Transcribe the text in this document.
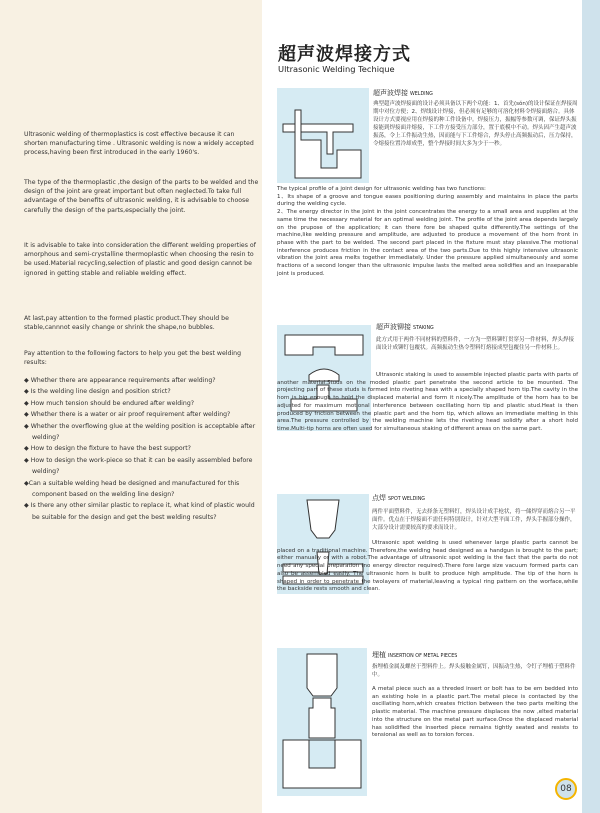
Ultrasonic welding of thermoplastics is cost effective because it can shorten manufacturing time . Ultrasonic welding is now a widely accepted process,having been first introduced in the early 1960's.

The type of the thermoplastic ,the design of the parts to be welded and the design of the joint are great important but often neglected.To take full advantage of the benefits of ultrasonic welding, it is advisable to choose carefully the design of the parts,especially the joint.

It is advisable to take into consideration the different welding properties of amorphous and semi-crystalline thermoplastic when choosing the resin to be used.Material recycling,selection of plastic and good design cannot be ignored in getting stable and reliable welding effect.

At last,pay attention to the formed plastic product.They should be stable,cannnot easily change or shrink the shape,no bubbles.

Pay attention to the following factors to help you get the best welding results:

◆ Whether there are appearance requirements after welding?
◆ Is the welding line design and position strict?
◆ How much tension should be endured after welding?
◆ Whether there is a water or air proof requirement after welding?
◆ Whether the overflowing glue at the welding position is acceptable after welding?
◆ How to design the fixture to have the best support?
◆ How to design the work-piece so that it can be easily assembled before welding?
◆Can a suitable welding head be designed and manufactured for this component based on the welding line design?
◆ Is there any other similar plastic to replace it, what kind of plastic would be suitable for the design and get the best welding results?
超声波焊接方式
Ultrasonic Welding Techique
超声波焊接 WELDING
典型超声波焊接面的设计必须具备以下两个功能：1、首先(sǒn)的设计保证在焊接周期中对位方便；2、焊线设计焊接，但必须有足够的可溶化材料令焊接面熔合。具体设计方式要视应用在焊接的种工件设备中。焊接压力，振幅等参数可调，保证焊头振接能到焊接面并熔接，下工件方接受压力部分，置于底模中不动。焊头因产生超声波振荡，令上工件振动生热，因而能与下工件熔合，焊头停止高频振动后，压力保持，令熔接位置冷却成型，整个焊接时间大多为少于一秒。

The typical profile of a joint design for ultrasonic welding has two functions:

1、Its shape of a groove and tongue eases positioning during assembly and maintains in place the parts during the welding cycle.

2、The energy director in the joint in the joint concentrates the energy to a small area and supplies at the same time the necessary material for an optimal welding joint. The profile of the joint area depends largely on the prupose of the application; it can there fore be shaped quite differently.The settings of the machine,like welding pressure and amplitude, are adjusted to produce a movement of the horn front in phase with the part to be welded. The second part placed in the fixture must stay plassive.The motional interference produces friction in the contact area of the two parts.Due to this highly intensive ultrasonic vibration the joint area melts together immediately. Under the pressure applied simultaneously and some fractions of a second longer than the ultrasonic impulse lasts the melted area solidifies and an inseparable joint is produced.

超声波铆接 STAKING
此方式用于两件不同材料的塑料件，一方为一塑料铆钉贯穿另一件材料，焊头焊接面设计成铆钉包覆状。高频振动生热令塑料钉熔接成型包覆住另一件材料上。

Ultrasonic staking is used to assemble injected plastic parts with parts of another material.Studs on the moded plastic part penetrate the second article to be mounted. The projecting part of these studs is formed into riveting heas with a specially shaped horn tip.The cavity in the horn is big enough to hold the displaced material and form it nicely.The amplitude of the horn has to be adjusted for maximum motional interference between oscillating horn tip and plastic stud.Heat is then produced by friction between the plastic part and the horn tip, which allows an immediate melting in this area.The pressure controlled by the welding machine lets the riveting head solidify after a short hold time.Multi-tip horns are often used for simultaneous staking of different areas on the same part.

点焊 SPOT WELDING
两件平面塑料件，无去择条无塑料钉，焊头设计成手枪状，将一储焊穿而熔合另一平面件。优点在于焊接面不需任何特别设计，针对大型平面工件，焊头手握部分操作，大部分设计需要较高的要求而设计。

Ultrasonic spot welding is used whenever large plastic parts cannot be placed on a traditional machine. Therefore,the welding head designed as a handgun is brought to the part; either manually or with a robot.The advantage of ultrasonic spot welding is the fact that the parts do not need any special preparation (no energy director required).There fore large size vacuum formed parts can also be assembled easily. The ultrasonic horn is built to produce high amplitude. The tip of the horn is shaped in order to penetrate the twolayers of material,leaving a typical ring pattern on the worface,while the backside rests smooth and clean.

埋植 INSERTION OF METAL PIECES
指埋植金属及螺丝于塑料件上。焊头接触金属钉，因振动生热，令钉子埋植于塑料件中。

A metal piece such as a threded insert or bolt has to be em bedded into an existing hole in a plastic part.The metal piece is contacted by the oscillating horn,which creates friction between the two parts melting the plastic material. The machine pressure displaces the now ,elted material into the structure on the metal part surface.Once the displaced material has solidified the inserted piece remains tightly seated and resists to tensional as well as to torsion forces.

08
